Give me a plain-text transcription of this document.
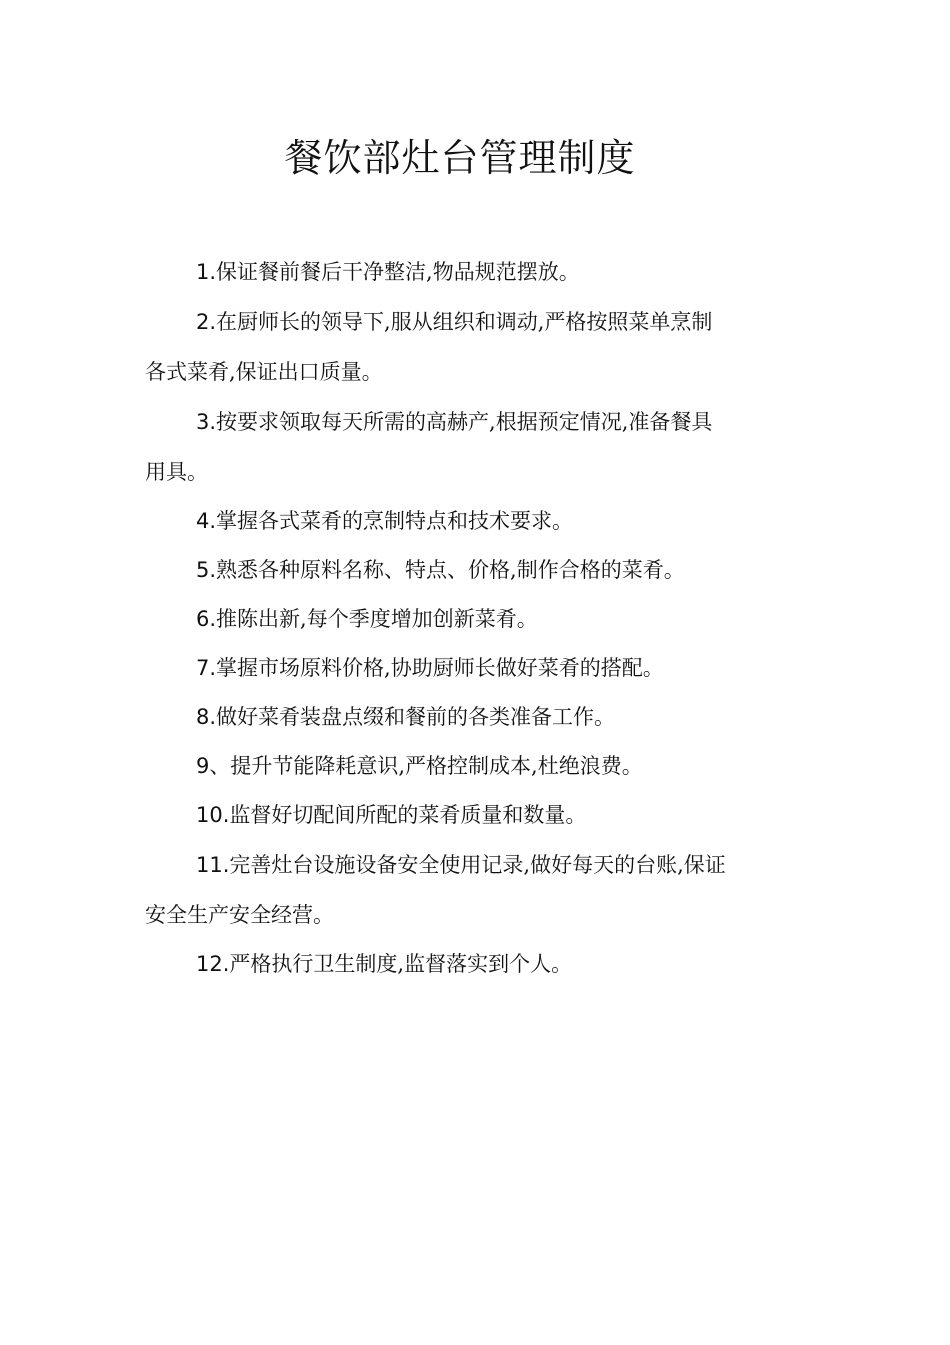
餐饮部灶台管理制度

1.保证餐前餐后干净整洁,物品规范摆放。

2.在厨师长的领导下,服从组织和调动,严格按照菜单烹制各式菜肴,保证出口质量。

3.按要求领取每天所需的高赫产,根据预定情况,准备餐具用具。

4.掌握各式菜肴的烹制特点和技术要求。

5.熟悉各种原料名称、特点、价格,制作合格的菜肴。

6.推陈出新,每个季度增加创新菜肴。

7.掌握市场原料价格,协助厨师长做好菜肴的搭配。

8.做好菜肴装盘点缀和餐前的各类准备工作。

9、提升节能降耗意识,严格控制成本,杜绝浪费。

10.监督好切配间所配的菜肴质量和数量。

11.完善灶台设施设备安全使用记录,做好每天的台账,保证安全生产安全经营。

12.严格执行卫生制度,监督落实到个人。
